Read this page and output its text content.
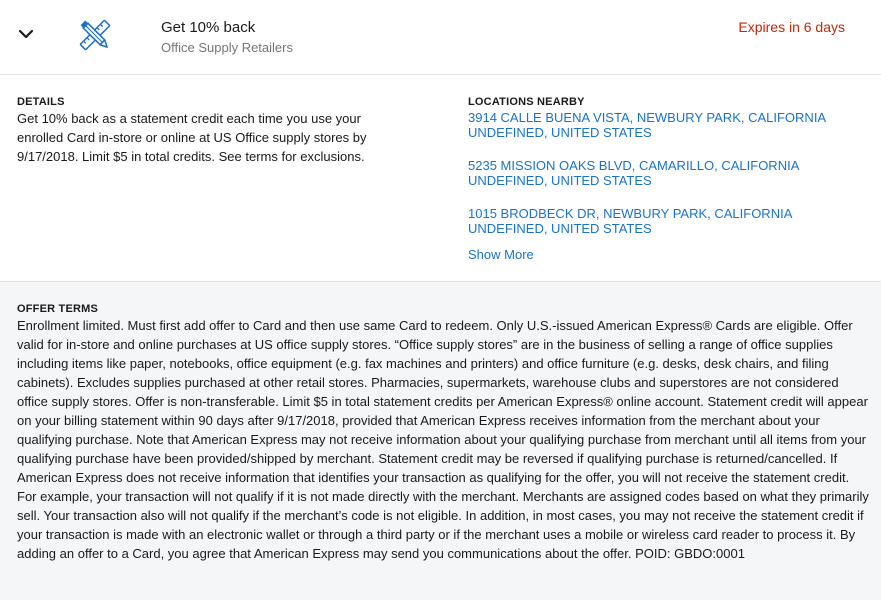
Get 10% back
Office Supply Retailers
Expires in 6 days
DETAILS
Get 10% back as a statement credit each time you use your enrolled Card in-store or online at US Office supply stores by 9/17/2018. Limit $5 in total credits. See terms for exclusions.
LOCATIONS NEARBY
3914 CALLE BUENA VISTA, NEWBURY PARK, CALIFORNIA
UNDEFINED, UNITED STATES
5235 MISSION OAKS BLVD, CAMARILLO, CALIFORNIA
UNDEFINED, UNITED STATES
1015 BRODBECK DR, NEWBURY PARK, CALIFORNIA
UNDEFINED, UNITED STATES
Show More
OFFER TERMS
Enrollment limited. Must first add offer to Card and then use same Card to redeem. Only U.S.-issued American Express® Cards are eligible. Offer valid for in-store and online purchases at US office supply stores. “Office supply stores” are in the business of selling a range of office supplies including items like paper, notebooks, office equipment (e.g. fax machines and printers) and office furniture (e.g. desks, desk chairs, and filing cabinets). Excludes supplies purchased at other retail stores. Pharmacies, supermarkets, warehouse clubs and superstores are not considered office supply stores. Offer is non-transferable. Limit $5 in total statement credits per American Express® online account. Statement credit will appear on your billing statement within 90 days after 9/17/2018, provided that American Express receives information from the merchant about your qualifying purchase. Note that American Express may not receive information about your qualifying purchase from merchant until all items from your qualifying purchase have been provided/shipped by merchant. Statement credit may be reversed if qualifying purchase is returned/cancelled. If American Express does not receive information that identifies your transaction as qualifying for the offer, you will not receive the statement credit. For example, your transaction will not qualify if it is not made directly with the merchant. Merchants are assigned codes based on what they primarily sell. Your transaction also will not qualify if the merchant’s code is not eligible. In addition, in most cases, you may not receive the statement credit if your transaction is made with an electronic wallet or through a third party or if the merchant uses a mobile or wireless card reader to process it. By adding an offer to a Card, you agree that American Express may send you communications about the offer. POID: GBDO:0001
